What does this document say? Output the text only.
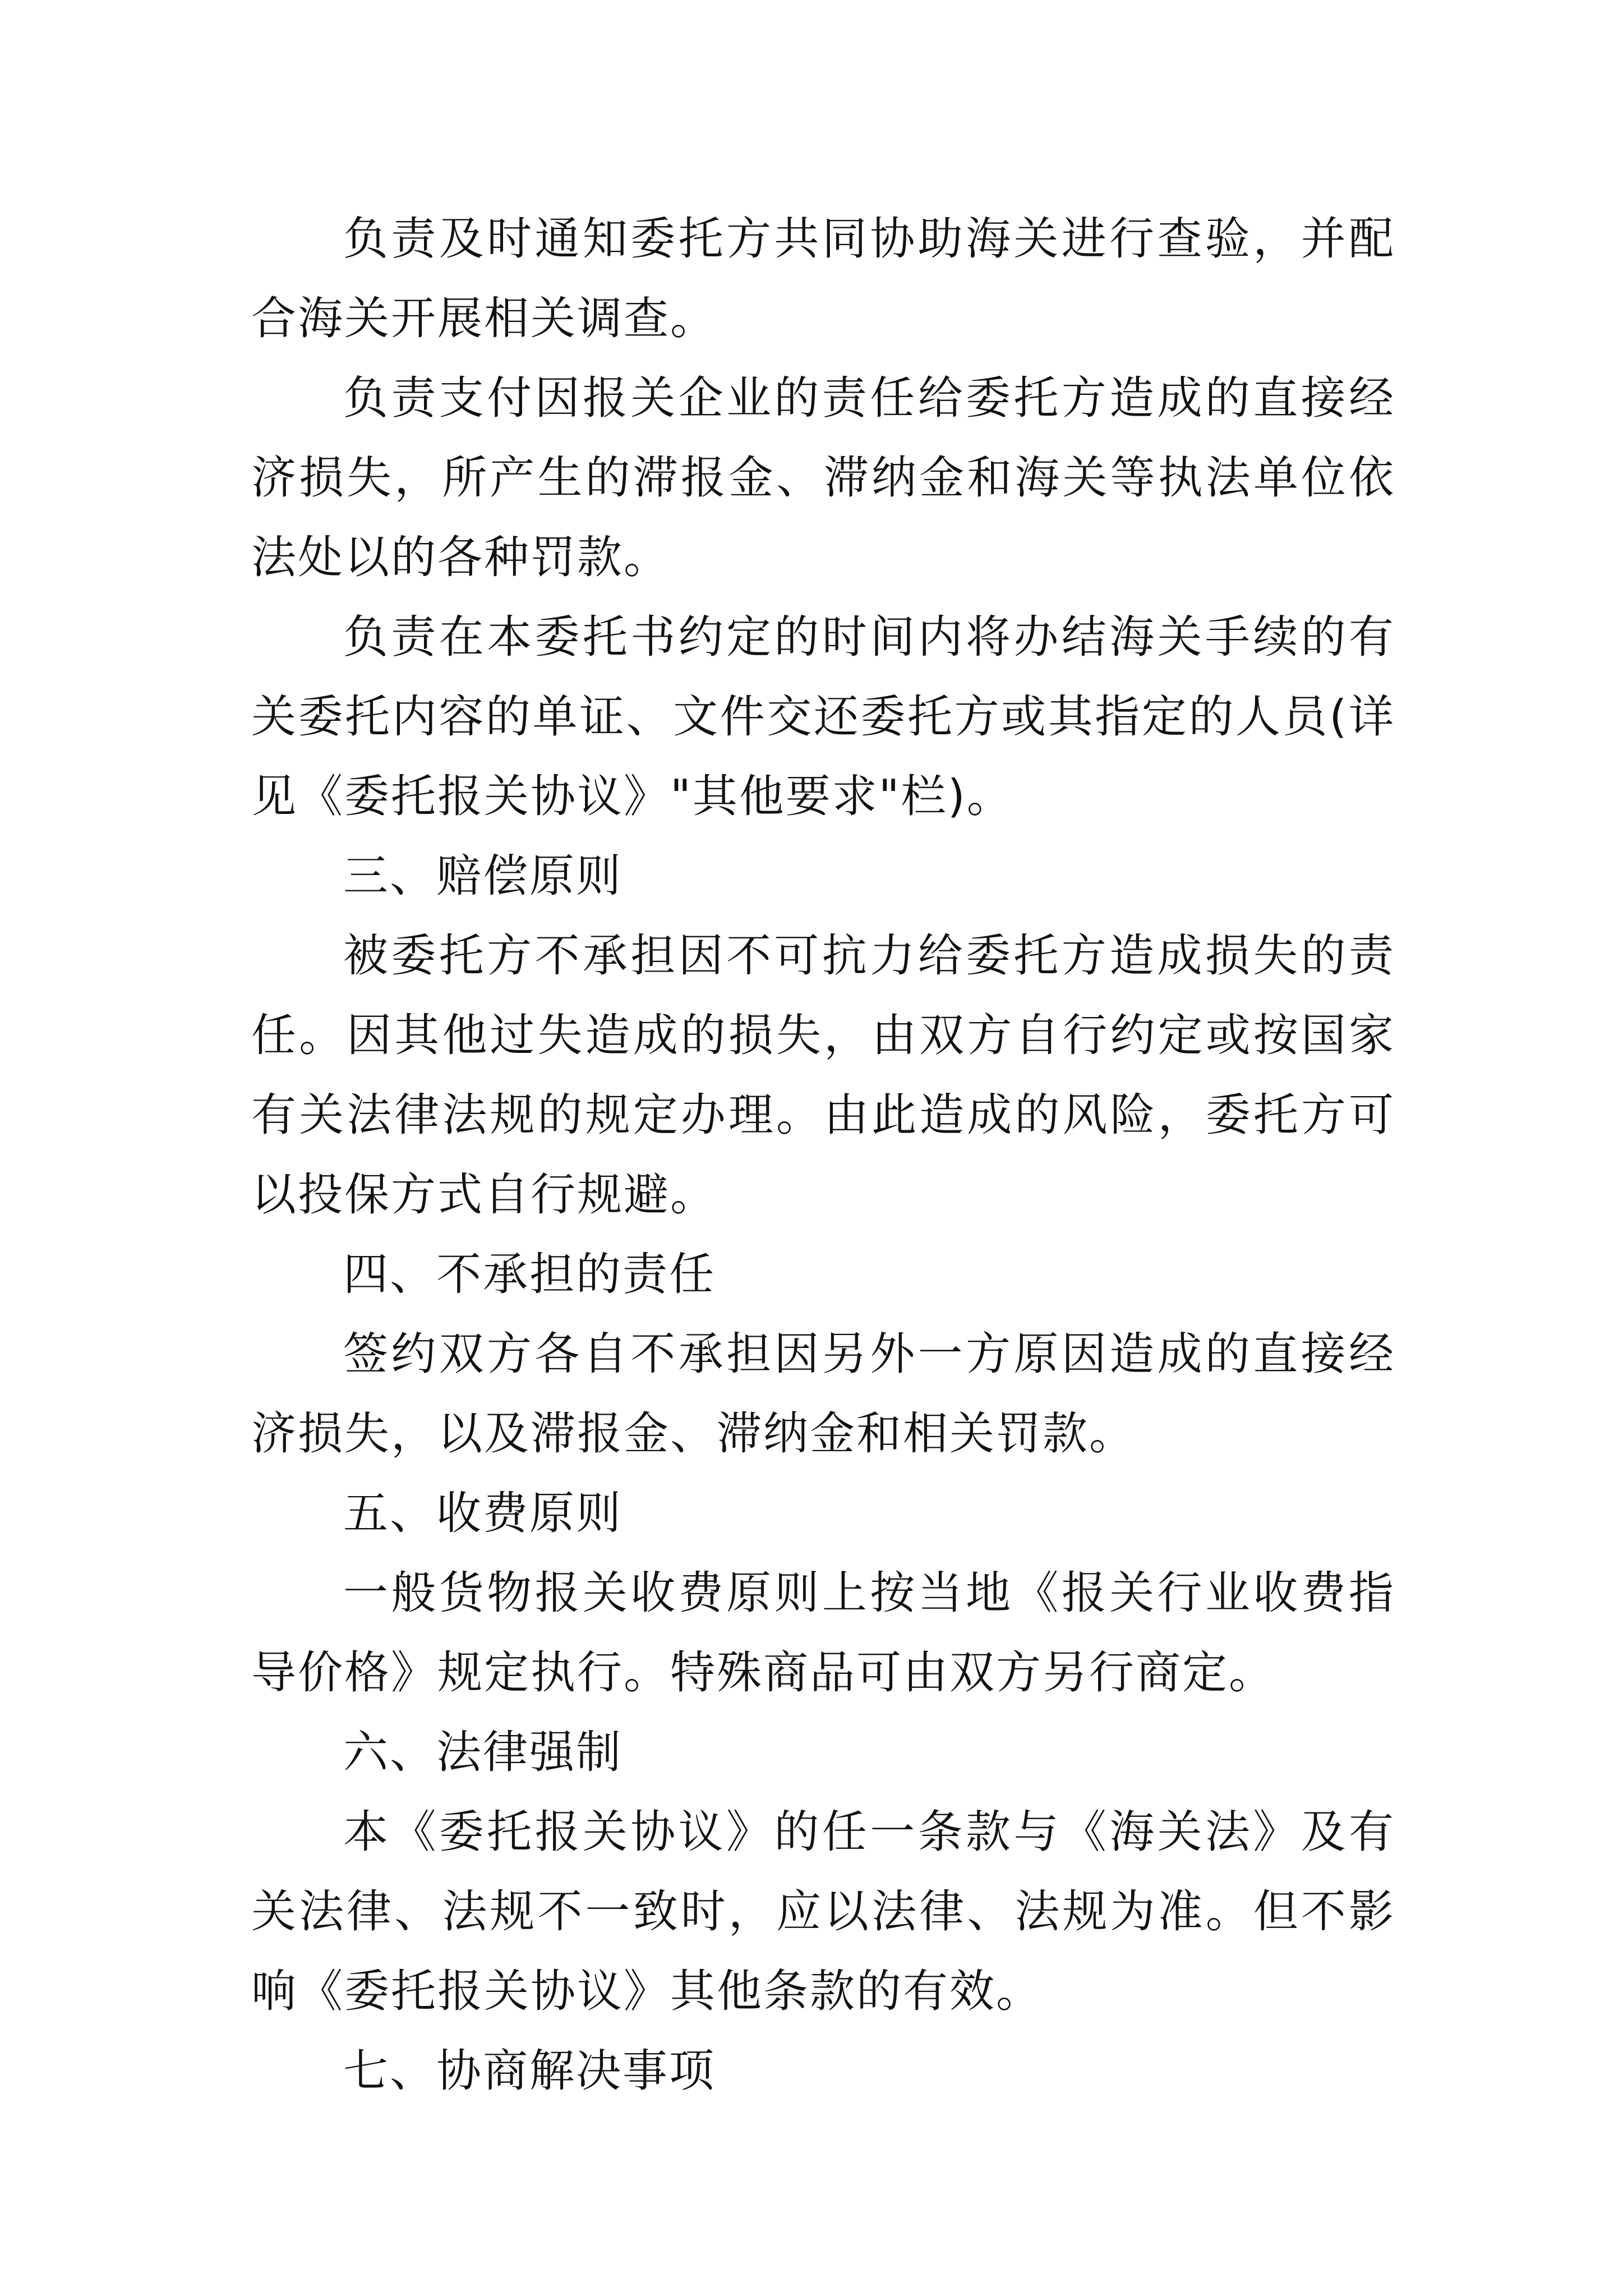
负责及时通知委托方共同协助海关进行查验，并配合海关开展相关调查。

负责支付因报关企业的责任给委托方造成的直接经济损失，所产生的滞报金、滞纳金和海关等执法单位依法处以的各种罚款。

负责在本委托书约定的时间内将办结海关手续的有关委托内容的单证、文件交还委托方或其指定的人员(详见《委托报关协议》"其他要求"栏)。

三、赔偿原则

被委托方不承担因不可抗力给委托方造成损失的责任。因其他过失造成的损失，由双方自行约定或按国家有关法律法规的规定办理。由此造成的风险，委托方可以投保方式自行规避。

四、不承担的责任

签约双方各自不承担因另外一方原因造成的直接经济损失，以及滞报金、滞纳金和相关罚款。

五、收费原则

一般货物报关收费原则上按当地《报关行业收费指导价格》规定执行。特殊商品可由双方另行商定。

六、法律强制

本《委托报关协议》的任一条款与《海关法》及有关法律、法规不一致时，应以法律、法规为准。但不影响《委托报关协议》其他条款的有效。

七、协商解决事项
